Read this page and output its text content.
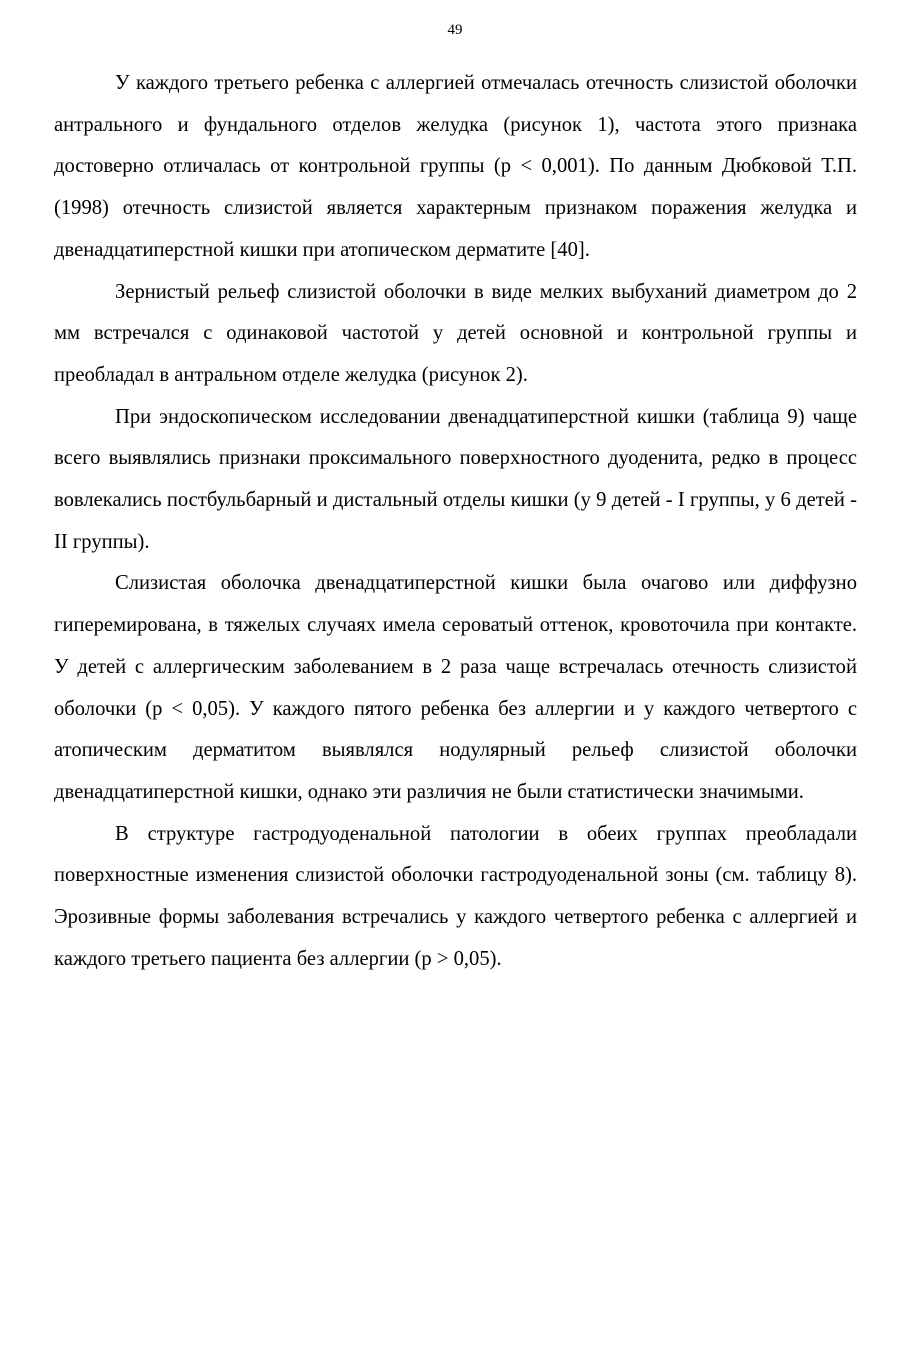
49

У каждого третьего ребенка с аллергией отмечалась отечность слизистой оболочки антрального и фундального отделов желудка (рисунок 1), частота этого признака достоверно отличалась от контрольной группы (р < 0,001). По данным Дюбковой Т.П. (1998) отечность слизистой является характерным признаком поражения желудка и двенадцатиперстной кишки при атопическом дерматите [40].

Зернистый рельеф слизистой оболочки в виде мелких выбуханий диаметром до 2 мм встречался с одинаковой частотой у детей основной и контрольной группы и преобладал в антральном отделе желудка (рисунок 2).

При эндоскопическом исследовании двенадцатиперстной кишки (таблица 9) чаще всего выявлялись признаки проксимального поверхностного дуоденита, редко в процесс вовлекались постбульбарный и дистальный отделы кишки (у 9 детей - I группы, у 6 детей - II группы).

Слизистая оболочка двенадцатиперстной кишки была очагово или диффузно гиперемирована, в тяжелых случаях имела сероватый оттенок, кровоточила при контакте. У детей с аллергическим заболеванием в 2 раза чаще встречалась отечность слизистой оболочки (р < 0,05). У каждого пятого ребенка без аллергии и у каждого четвертого с атопическим дерматитом выявлялся нодулярный рельеф слизистой оболочки двенадцатиперстной кишки, однако эти различия не были статистически значимыми.

В структуре гастродуоденальной патологии в обеих группах преобладали поверхностные изменения слизистой оболочки гастродуоденальной зоны (см. таблицу 8). Эрозивные формы заболевания встречались у каждого четвертого ребенка с аллергией и каждого третьего пациента без аллергии (р > 0,05).
